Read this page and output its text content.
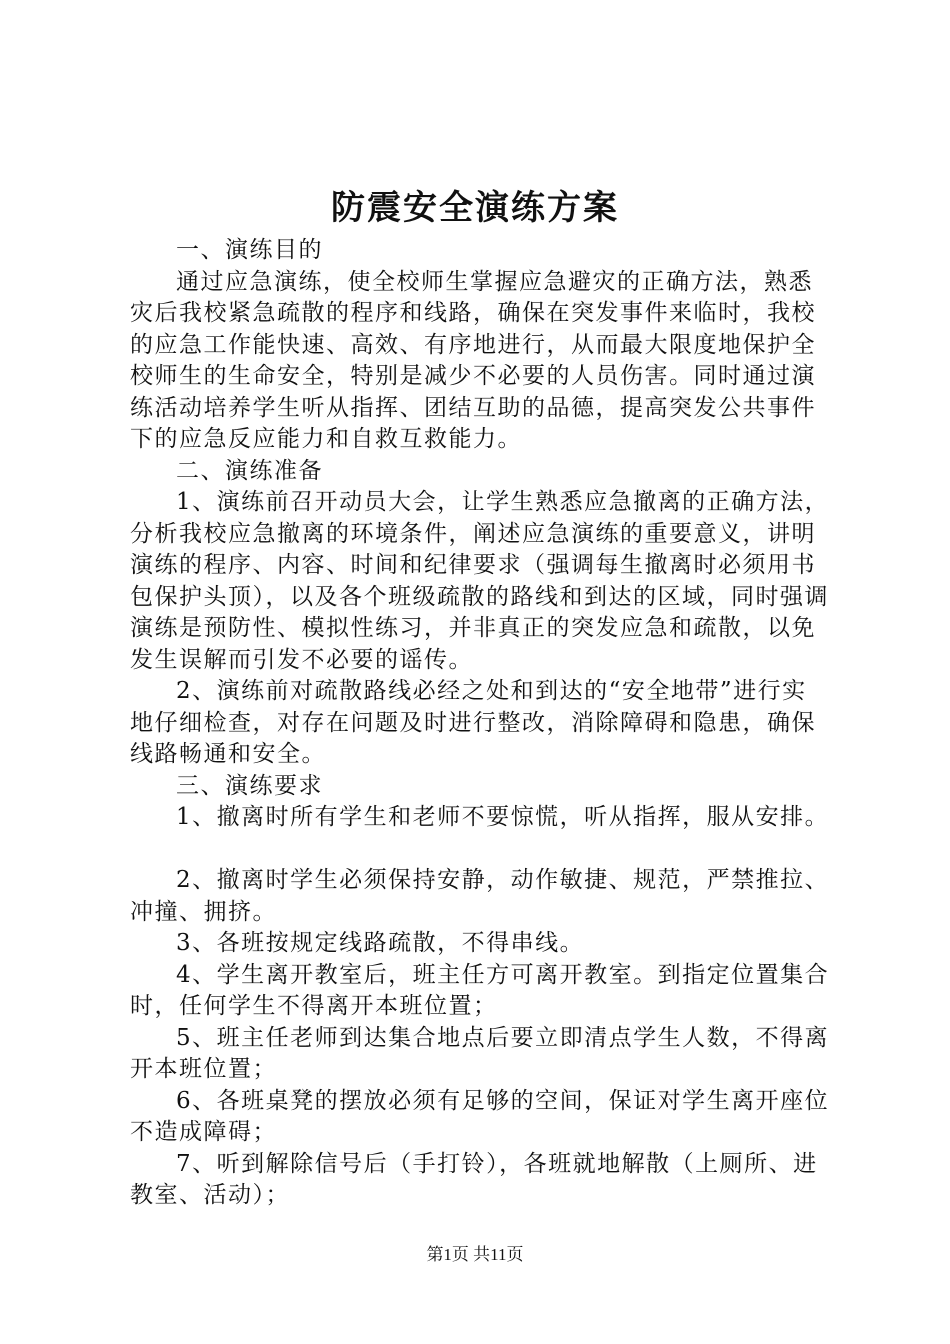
防震安全演练方案

一、演练目的

通过应急演练，使全校师生掌握应急避灾的正确方法，熟悉灾后我校紧急疏散的程序和线路，确保在突发事件来临时，我校的应急工作能快速、高效、有序地进行，从而最大限度地保护全校师生的生命安全，特别是减少不必要的人员伤害。同时通过演练活动培养学生听从指挥、团结互助的品德，提高突发公共事件下的应急反应能力和自救互救能力。

二、演练准备

1、演练前召开动员大会，让学生熟悉应急撤离的正确方法，分析我校应急撤离的环境条件，阐述应急演练的重要意义，讲明演练的程序、内容、时间和纪律要求（强调每生撤离时必须用书包保护头顶），以及各个班级疏散的路线和到达的区域，同时强调演练是预防性、模拟性练习，并非真正的突发应急和疏散，以免发生误解而引发不必要的谣传。

2、演练前对疏散路线必经之处和到达的“安全地带”进行实地仔细检查，对存在问题及时进行整改，消除障碍和隐患，确保线路畅通和安全。

三、演练要求

1、撤离时所有学生和老师不要惊慌，听从指挥，服从安排。

2、撤离时学生必须保持安静，动作敏捷、规范，严禁推拉、冲撞、拥挤。

3、各班按规定线路疏散，不得串线。

4、学生离开教室后，班主任方可离开教室。到指定位置集合时，任何学生不得离开本班位置；

5、班主任老师到达集合地点后要立即清点学生人数，不得离开本班位置；

6、各班桌凳的摆放必须有足够的空间，保证对学生离开座位不造成障碍；

7、听到解除信号后（手打铃），各班就地解散（上厕所、进教室、活动）；

第1页 共11页
